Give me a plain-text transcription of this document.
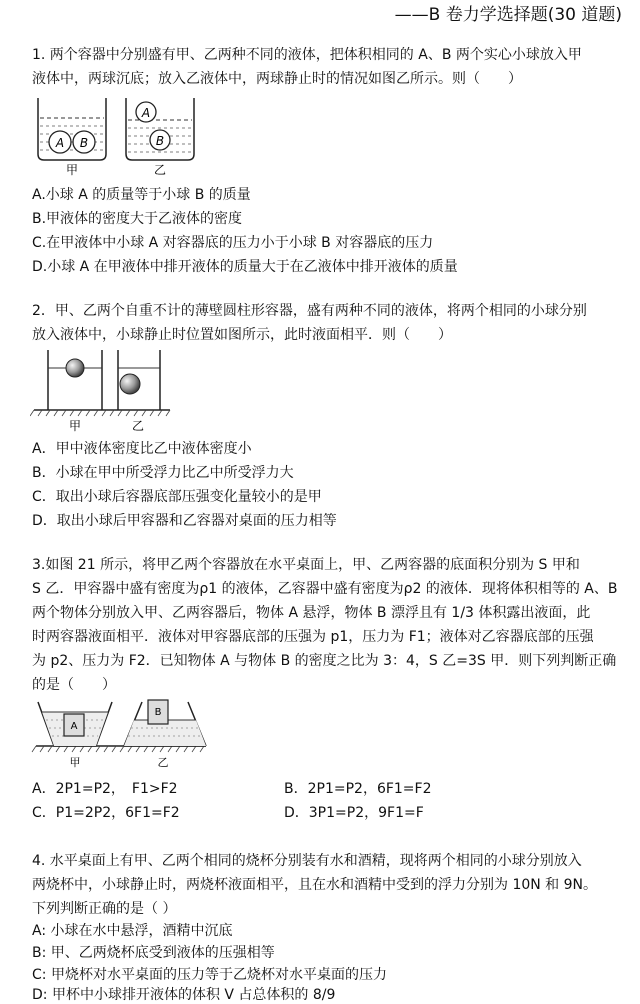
——B 卷力学选择题(30 道题)
1. 两个容器中分别盛有甲、乙两种不同的液体，把体积相同的 A、B 两个实心小球放入甲
液体中，两球沉底；放入乙液体中，两球静止时的情况如图乙所示。则（　　）
A B
A
B
甲	乙
A.小球 A 的质量等于小球 B 的质量
B.甲液体的密度大于乙液体的密度
C.在甲液体中小球 A 对容器底的压力小于小球 B 对容器底的压力
D.小球 A 在甲液体中排开液体的质量大于在乙液体中排开液体的质量
2．甲、乙两个自重不计的薄壁圆柱形容器，盛有两种不同的液体，将两个相同的小球分别
放入液体中，小球静止时位置如图所示，此时液面相平．则（　　）
甲	乙
A．甲中液体密度比乙中液体密度小
B．小球在甲中所受浮力比乙中所受浮力大
C．取出小球后容器底部压强变化量较小的是甲
D．取出小球后甲容器和乙容器对桌面的压力相等
3.如图 21 所示，将甲乙两个容器放在水平桌面上，甲、乙两容器的底面积分别为 S 甲和
S 乙．甲容器中盛有密度为ρ1 的液体，乙容器中盛有密度为ρ2 的液体．现将体积相等的 A、B
两个物体分别放入甲、乙两容器后，物体 A 悬浮，物体 B 漂浮且有 1/3 体积露出液面，此
时两容器液面相平．液体对甲容器底部的压强为 p1，压力为 F1；液体对乙容器底部的压强
为 p2、压力为 F2．已知物体 A 与物体 B 的密度之比为 3：4，S 乙=3S 甲．则下列判断正确
的是（　　）
A
B
甲	乙
A．2P1=P2，　F1>F2	B．2P1=P2，6F1=F2
C．P1=2P2，6F1=F2	D．3P1=P2，9F1=F
4. 水平桌面上有甲、乙两个相同的烧杯分别装有水和酒精，现将两个相同的小球分别放入
两烧杯中，小球静止时，两烧杯液面相平，且在水和酒精中受到的浮力分别为 10N 和 9N。
下列判断正确的是（ ）
A: 小球在水中悬浮，酒精中沉底
B: 甲、乙两烧杯底受到液体的压强相等
C: 甲烧杯对水平桌面的压力等于乙烧杯对水平桌面的压力
D: 甲杯中小球排开液体的体积 V 占总体积的 8/9
